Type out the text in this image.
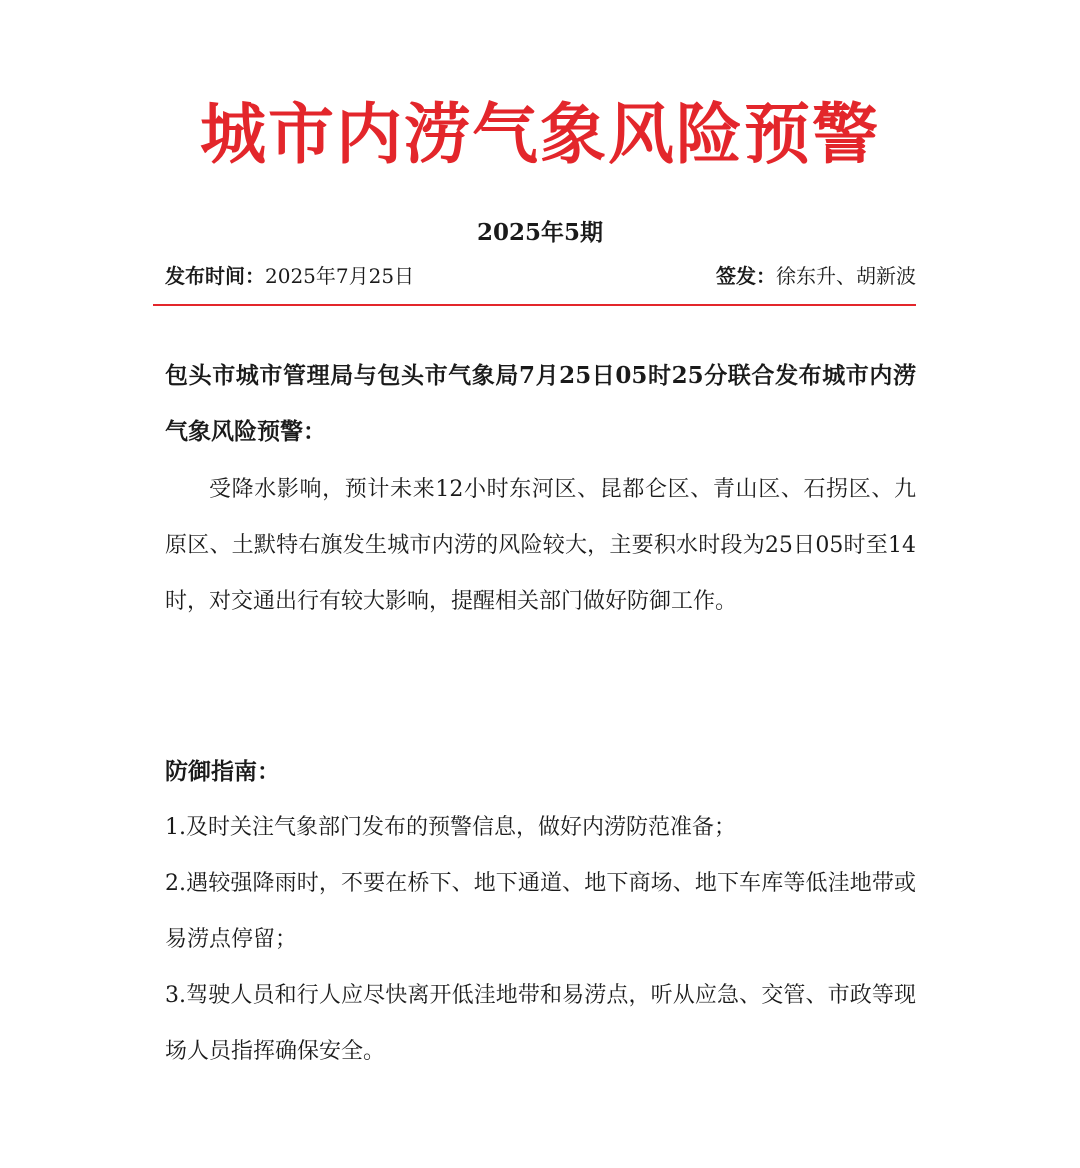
城市内涝气象风险预警
2025年5期
发布时间：2025年7月25日	签发：徐东升、胡新波
包头市城市管理局与包头市气象局7月25日05时25分联合发布城市内涝气象风险预警：
受降水影响，预计未来12小时东河区、昆都仑区、青山区、石拐区、九原区、土默特右旗发生城市内涝的风险较大，主要积水时段为25日05时至14时，对交通出行有较大影响，提醒相关部门做好防御工作。
防御指南：
1.及时关注气象部门发布的预警信息，做好内涝防范准备；
2.遇较强降雨时，不要在桥下、地下通道、地下商场、地下车库等低洼地带或易涝点停留；
3.驾驶人员和行人应尽快离开低洼地带和易涝点，听从应急、交管、市政等现场人员指挥确保安全。
